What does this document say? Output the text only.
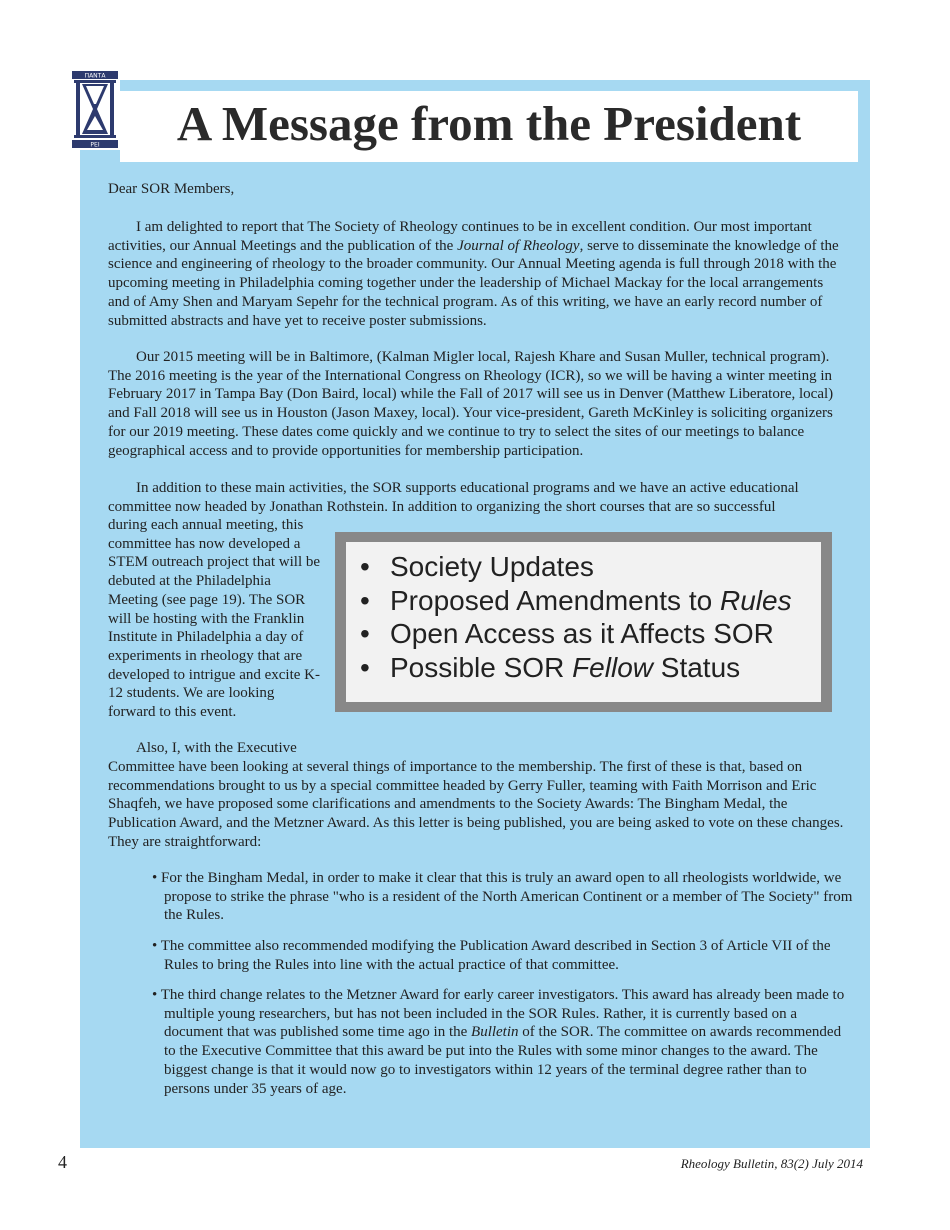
ΠΑΝΤΑ
ΡΕΙ	A Message from the President

Dear SOR Members,

I am delighted to report that The Society of Rheology continues to be in excellent condition. Our most important activities, our Annual Meetings and the publication of the Journal of Rheology, serve to disseminate the knowledge of the science and engineering of rheology to the broader community. Our Annual Meeting agenda is full through 2018 with the upcoming meeting in Philadelphia coming together under the leadership of Michael Mackay for the local arrangements and of Amy Shen and Maryam Sepehr for the technical program. As of this writing, we have an early record number of submitted abstracts and have yet to receive poster submissions.

Our 2015 meeting will be in Baltimore, (Kalman Migler local, Rajesh Khare and Susan Muller, technical program). The 2016 meeting is the year of the International Congress on Rheology (ICR), so we will be having a winter meeting in February 2017 in Tampa Bay (Don Baird, local) while the Fall of 2017 will see us in Denver (Matthew Liberatore, local) and Fall 2018 will see us in Houston (Jason Maxey, local). Your vice-president, Gareth McKinley is soliciting organizers for our 2019 meeting. These dates come quickly and we continue to try to select the sites of our meetings to balance geographical access and to provide opportunities for membership participation.

In addition to these main activities, the SOR supports educational programs and we have an active educational committee now headed by Jonathan Rothstein. In addition to organizing the short courses that are so successful

during each annual meeting, this committee has now developed a STEM outreach project that will be debuted at the Philadelphia Meeting (see page 19). The SOR will be hosting with the Franklin Institute in Philadelphia a day of experiments in rheology that are developed to intrigue and excite K-12 students. We are looking forward to this event.

• Society Updates
• Proposed Amendments to Rules
• Open Access as it Affects SOR
• Possible SOR Fellow Status

Also, I, with the Executive

Committee have been looking at several things of importance to the membership. The first of these is that, based on recommendations brought to us by a special committee headed by Gerry Fuller, teaming with Faith Morrison and Eric Shaqfeh, we have proposed some clarifications and amendments to the Society Awards: The Bingham Medal, the Publication Award, and the Metzner Award. As this letter is being published, you are being asked to vote on these changes. They are straightforward:

• For the Bingham Medal, in order to make it clear that this is truly an award open to all rheologists worldwide, we propose to strike the phrase "who is a resident of the North American Continent or a member of The Society" from the Rules.

• The committee also recommended modifying the Publication Award described in Section 3 of Article VII of the Rules to bring the Rules into line with the actual practice of that committee.

• The third change relates to the Metzner Award for early career investigators. This award has already been made to multiple young researchers, but has not been included in the SOR Rules. Rather, it is currently based on a document that was published some time ago in the Bulletin of the SOR. The committee on awards recommended to the Executive Committee that this award be put into the Rules with some minor changes to the award. The biggest change is that it would now go to investigators within 12 years of the terminal degree rather than to persons under 35 years of age.

4	Rheology Bulletin, 83(2) July 2014
